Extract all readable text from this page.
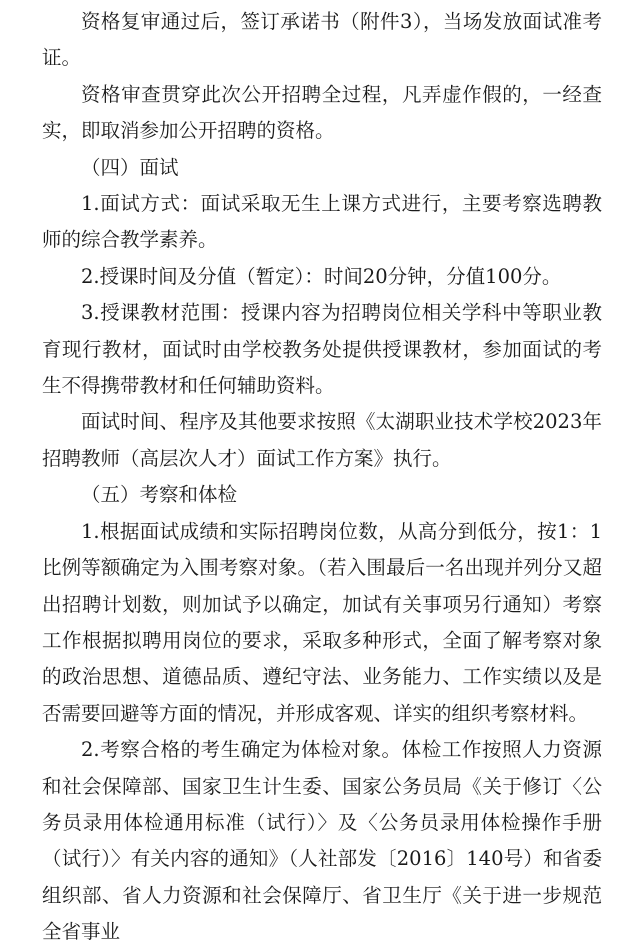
资格复审通过后，签订承诺书（附件3），当场发放面试准考证。

资格审查贯穿此次公开招聘全过程，凡弄虚作假的，一经查实，即取消参加公开招聘的资格。

（四）面试

1.面试方式：面试采取无生上课方式进行，主要考察选聘教师的综合教学素养。

2.授课时间及分值（暂定）：时间20分钟，分值100分。

3.授课教材范围：授课内容为招聘岗位相关学科中等职业教育现行教材，面试时由学校教务处提供授课教材，参加面试的考生不得携带教材和任何辅助资料。

面试时间、程序及其他要求按照《太湖职业技术学校2023年招聘教师（高层次人才）面试工作方案》执行。

（五）考察和体检

1.根据面试成绩和实际招聘岗位数，从高分到低分，按1：1比例等额确定为入围考察对象。（若入围最后一名出现并列分又超出招聘计划数，则加试予以确定，加试有关事项另行通知）考察工作根据拟聘用岗位的要求，采取多种形式，全面了解考察对象的政治思想、道德品质、遵纪守法、业务能力、工作实绩以及是否需要回避等方面的情况，并形成客观、详实的组织考察材料。

2.考察合格的考生确定为体检对象。体检工作按照人力资源和社会保障部、国家卫生计生委、国家公务员局《关于修订〈公务员录用体检通用标准（试行）〉及〈公务员录用体检操作手册（试行）〉有关内容的通知》（人社部发〔2016〕140号）和省委组织部、省人力资源和社会保障厅、省卫生厅《关于进一步规范全省事业
